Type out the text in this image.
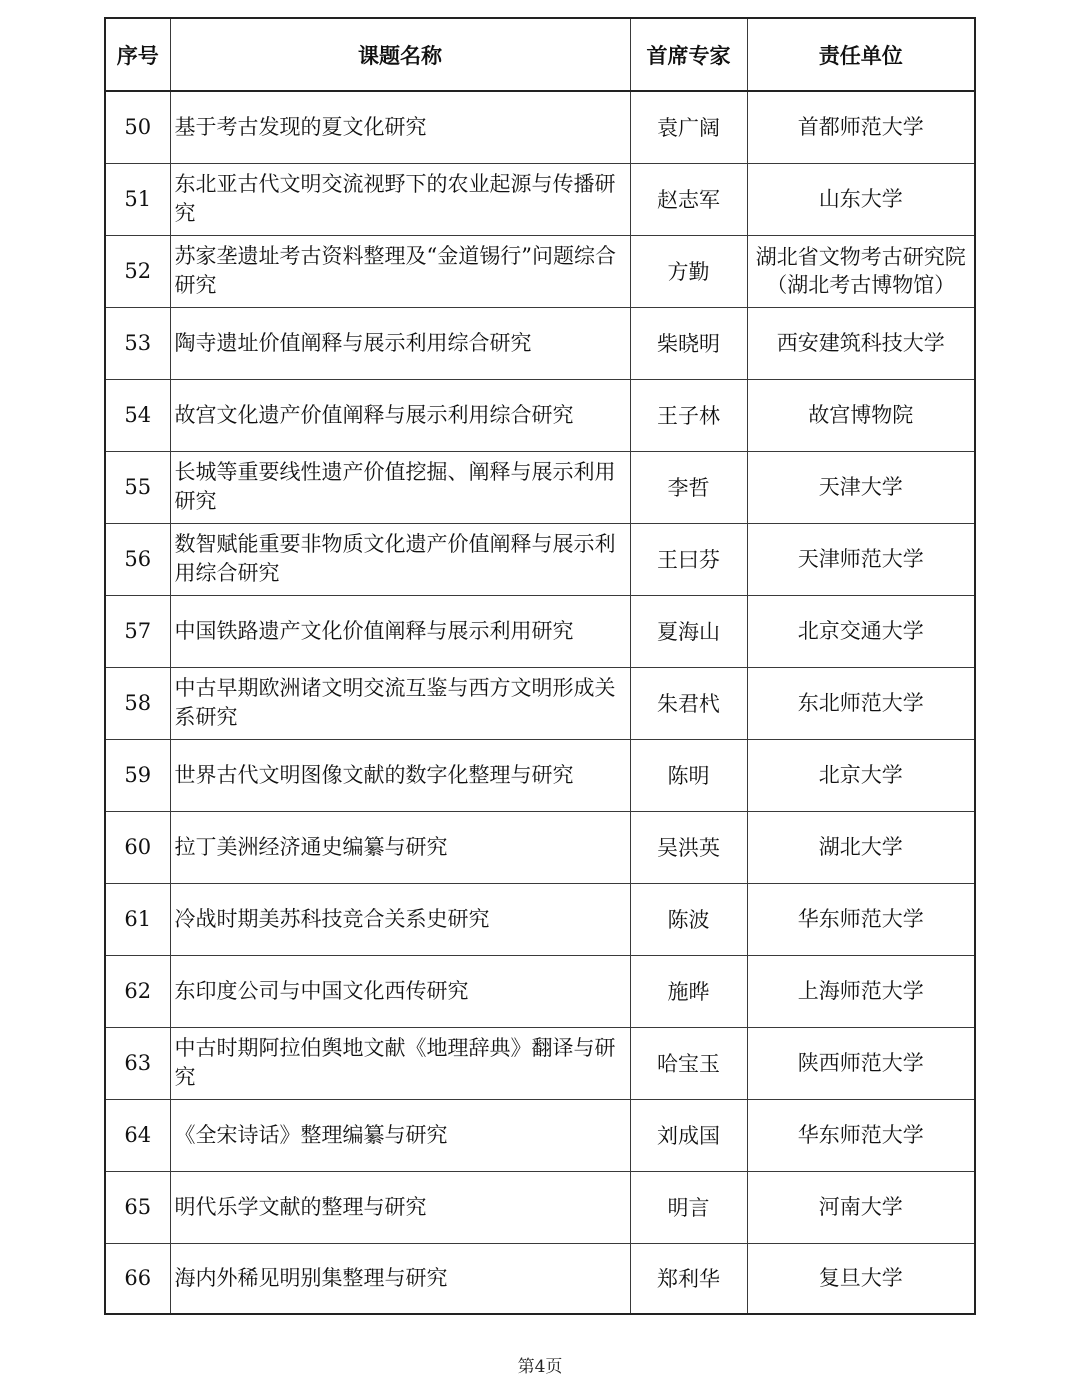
序号	课题名称	首席专家	责任单位
50	基于考古发现的夏文化研究	袁广阔	首都师范大学
51	东北亚古代文明交流视野下的农业起源与传播研究	赵志军	山东大学
52	苏家垄遗址考古资料整理及“金道锡行”问题综合研究	方勤	湖北省文物考古研究院（湖北考古博物馆）
53	陶寺遗址价值阐释与展示利用综合研究	柴晓明	西安建筑科技大学
54	故宫文化遗产价值阐释与展示利用综合研究	王子林	故宫博物院
55	长城等重要线性遗产价值挖掘、阐释与展示利用研究	李哲	天津大学
56	数智赋能重要非物质文化遗产价值阐释与展示利用综合研究	王曰芬	天津师范大学
57	中国铁路遗产文化价值阐释与展示利用研究	夏海山	北京交通大学
58	中古早期欧洲诸文明交流互鉴与西方文明形成关系研究	朱君杙	东北师范大学
59	世界古代文明图像文献的数字化整理与研究	陈明	北京大学
60	拉丁美洲经济通史编纂与研究	吴洪英	湖北大学
61	冷战时期美苏科技竞合关系史研究	陈波	华东师范大学
62	东印度公司与中国文化西传研究	施晔	上海师范大学
63	中古时期阿拉伯舆地文献《地理辞典》翻译与研究	哈宝玉	陕西师范大学
64	《全宋诗话》整理编纂与研究	刘成国	华东师范大学
65	明代乐学文献的整理与研究	明言	河南大学
66	海内外稀见明别集整理与研究	郑利华	复旦大学
第4页
